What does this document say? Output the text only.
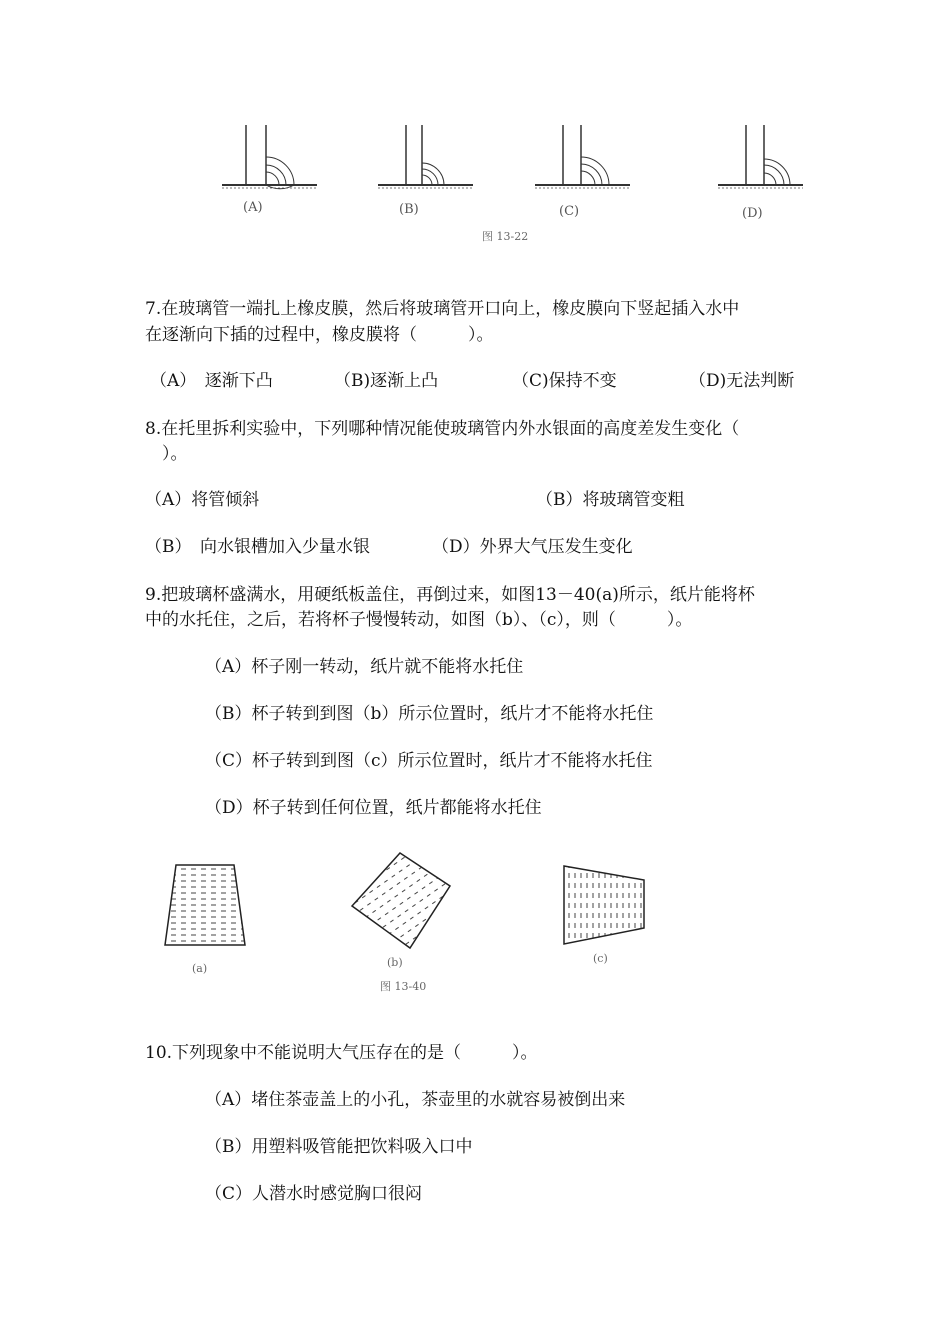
(A)	(B)	(C)	(D)
图 13-22
7.在玻璃管一端扎上橡皮膜，然后将玻璃管开口向上，橡皮膜向下竖起插入水中
在逐渐向下插的过程中，橡皮膜将（　　　）。
（A）　逐渐下凸	（B)逐渐上凸	（C)保持不变	（D)无法判断
8.在托里拆利实验中，下列哪种情况能使玻璃管内外水银面的高度差发生变化（
　）。
（A）将管倾斜	（B）将玻璃管变粗
（B）　向水银槽加入少量水银	（D）外界大气压发生变化
9.把玻璃杯盛满水，用硬纸板盖住，再倒过来，如图13－40(a)所示，纸片能将杯
中的水托住，之后，若将杯子慢慢转动，如图（b）、（c），则（　　　）。
（A）杯子刚一转动，纸片就不能将水托住
（B）杯子转到到图（b）所示位置时，纸片才不能将水托住
（C）杯子转到到图（c）所示位置时，纸片才不能将水托住
（D）杯子转到任何位置，纸片都能将水托住
(a)	(b)	(c)
图 13-40
10.下列现象中不能说明大气压存在的是（　　　）。
（A）堵住茶壶盖上的小孔，茶壶里的水就容易被倒出来
（B）用塑料吸管能把饮料吸入口中
（C）人潜水时感觉胸口很闷
